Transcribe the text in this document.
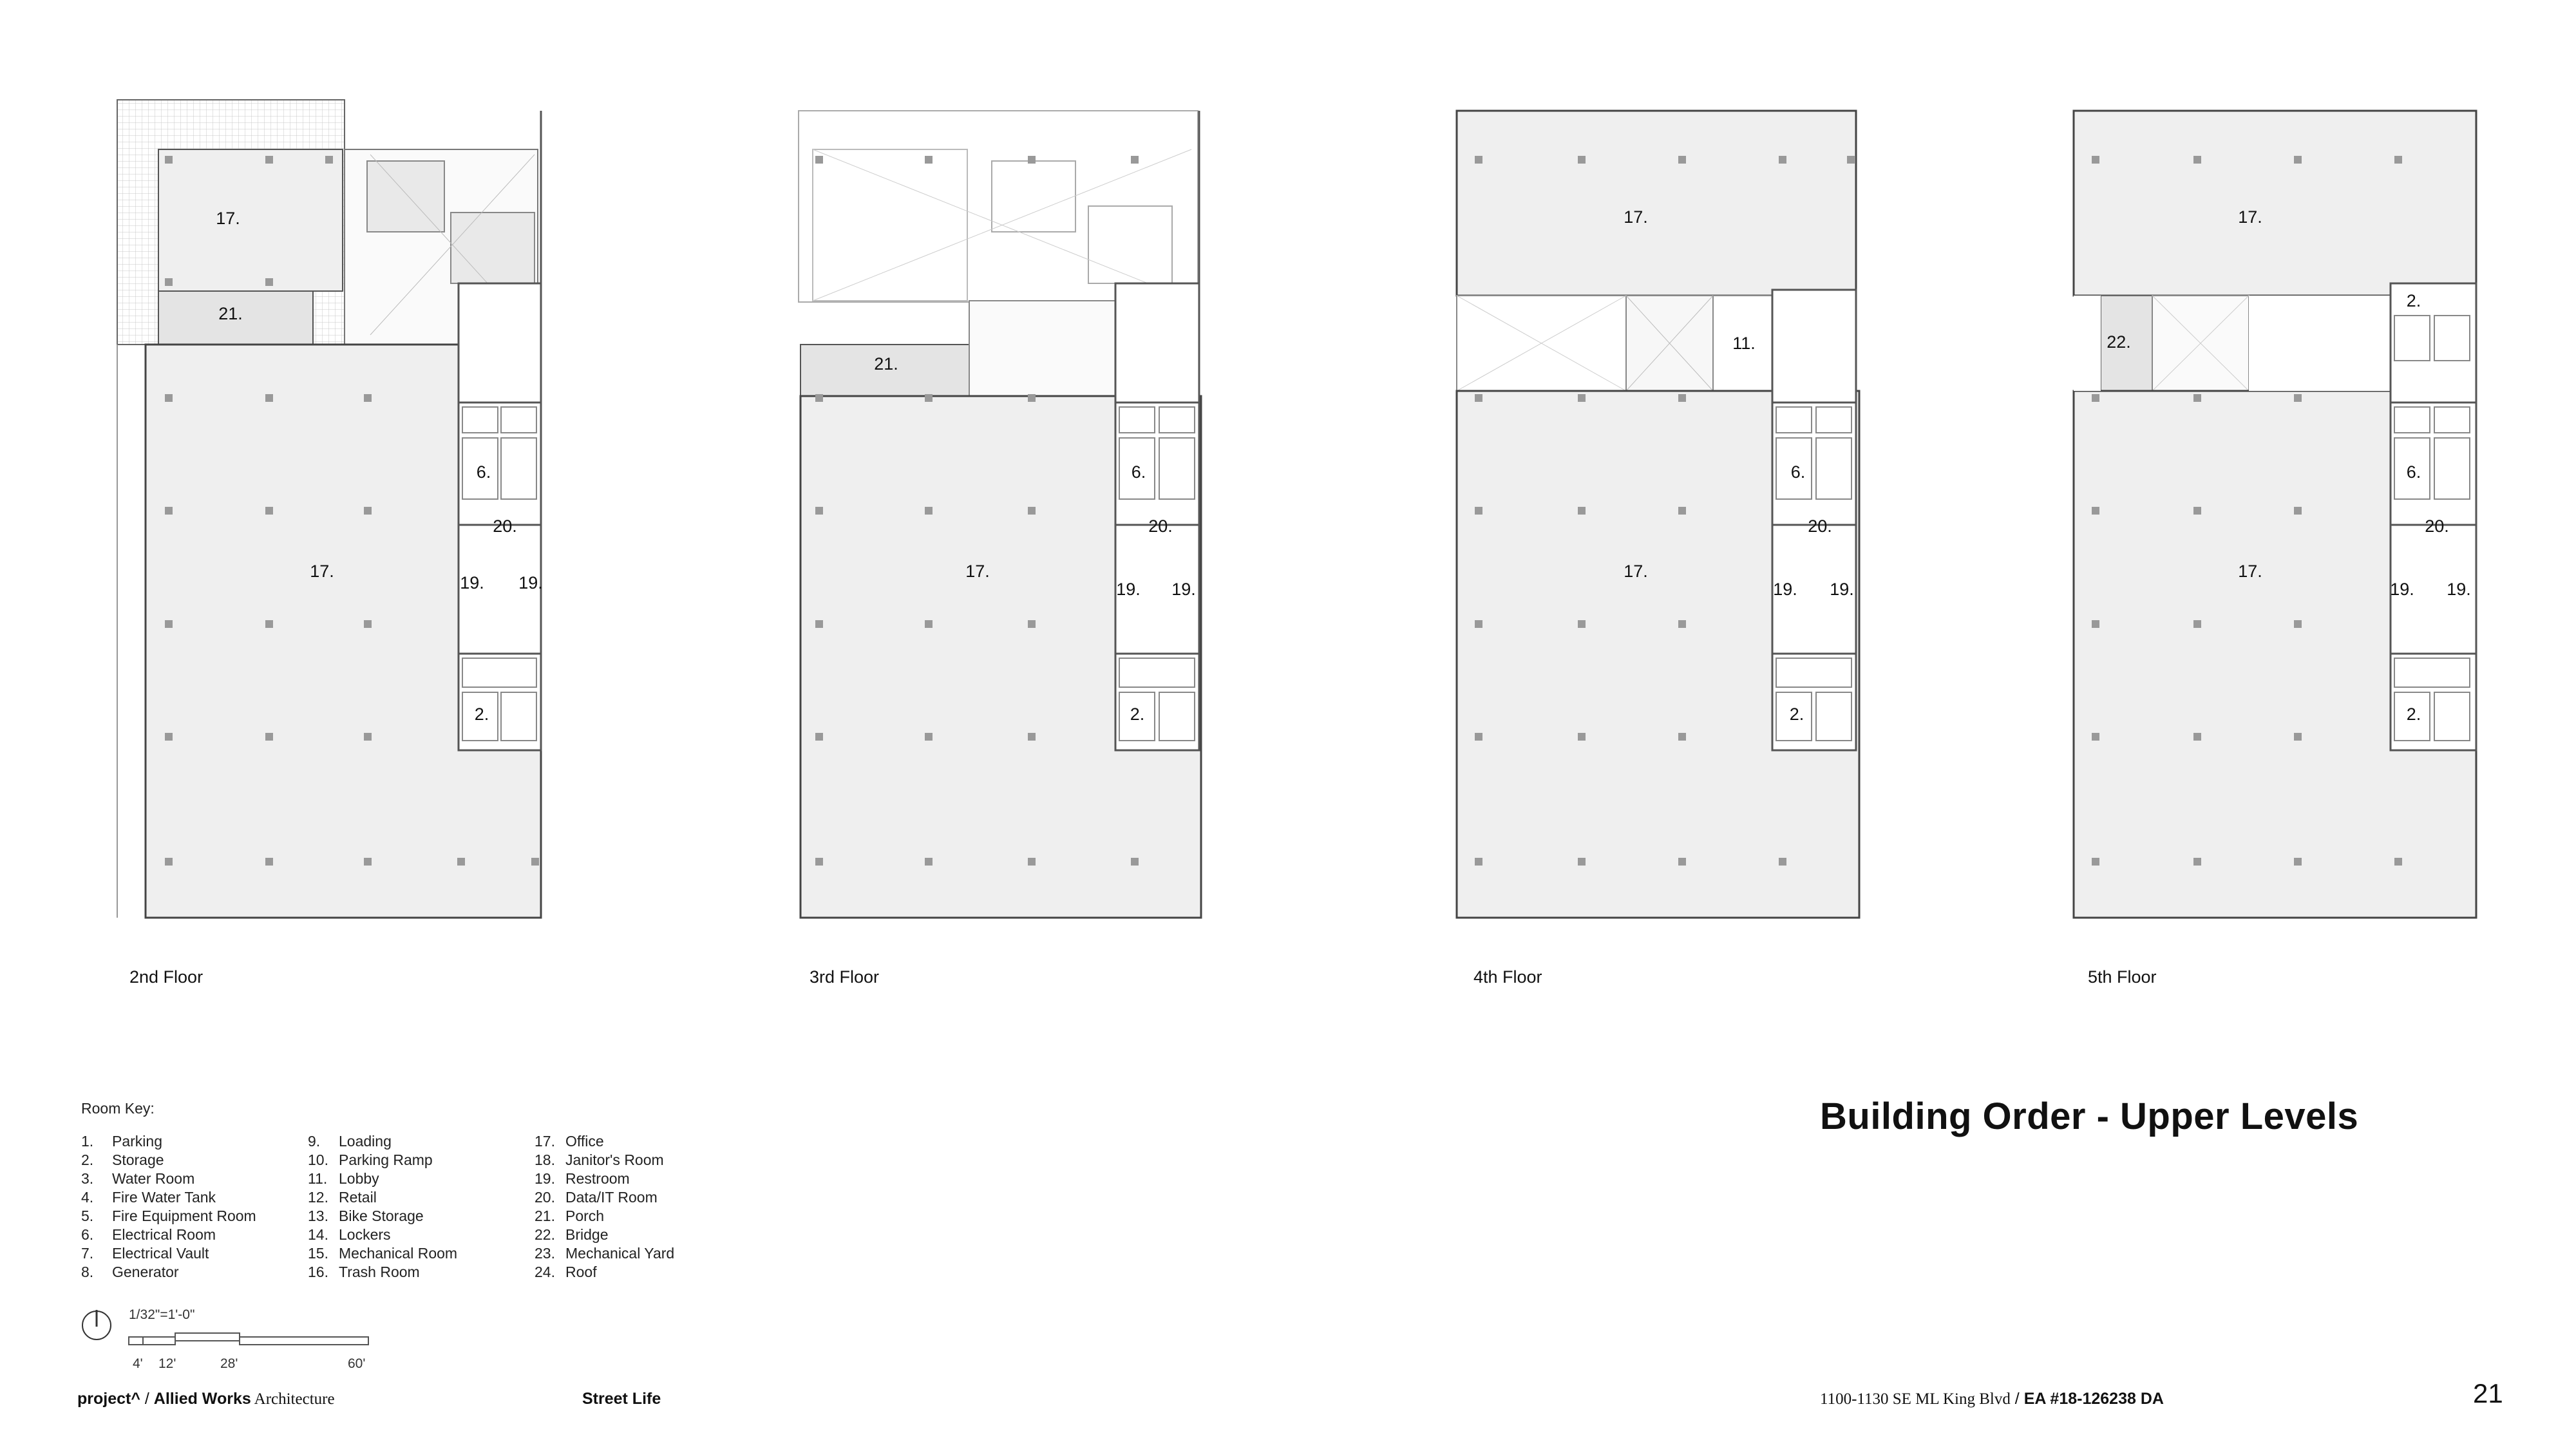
17.
21.
17.
6.
20.
19. 19.
2.
21.
17.
6.
20.
19. 19.
2.
17.
11.
17.
6.
20.
19. 19.
2.
17.
22.
2.
17.
6.
20.
19. 19.
2.
2nd Floor	3rd Floor	4th Floor	5th Floor
Room Key:
1. Parking
2. Storage
3. Water Room
4. Fire Water Tank
5. Fire Equipment Room
6. Electrical Room
7. Electrical Vault
8. Generator
9. Loading
10. Parking Ramp
11. Lobby
12. Retail
13. Bike Storage
14. Lockers
15. Mechanical Room
16. Trash Room
17. Office
18. Janitor's Room
19. Restroom
20. Data/IT Room
21. Porch
22. Bridge
23. Mechanical Yard
24. Roof
Building Order - Upper Levels
1/32"=1'-0"
4' 12'	28'	60'
project^ / Allied Works Architecture	Street Life	1100-1130 SE ML King Blvd / EA #18-126238 DA	21
